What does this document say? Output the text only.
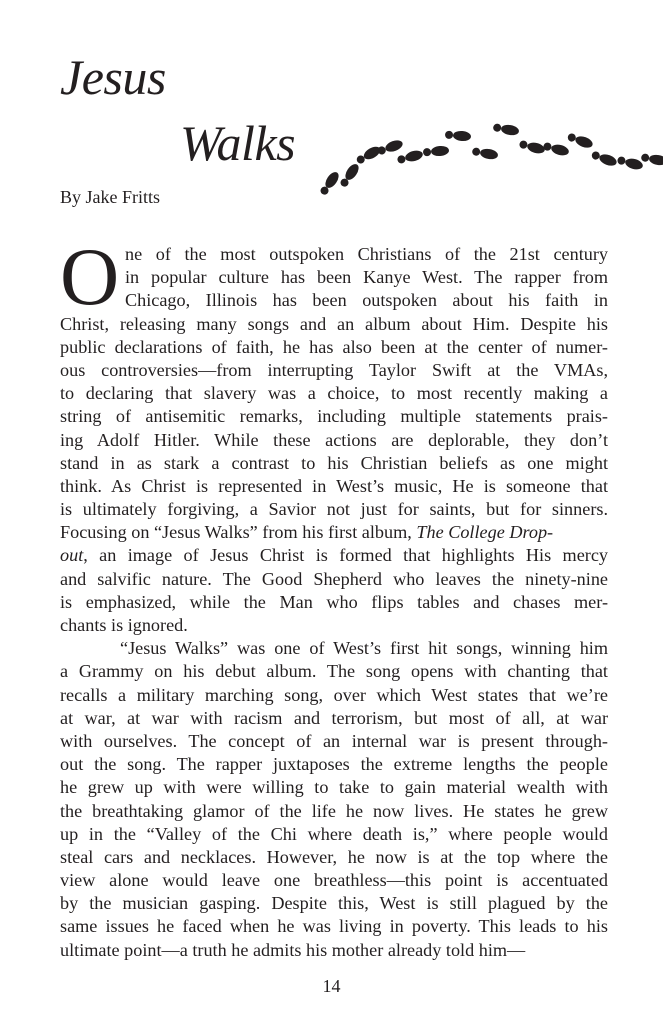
Jesus
Walks
By Jake Fritts
O ne of the most outspoken Christians of the 21st century
in popular culture has been Kanye West. The rapper from
Chicago, Illinois has been outspoken about his faith in
Christ, releasing many songs and an album about Him. Despite his
public declarations of faith, he has also been at the center of numer-
ous controversies—from interrupting Taylor Swift at the VMAs,
to declaring that slavery was a choice, to most recently making a
string of antisemitic remarks, including multiple statements prais-
ing Adolf Hitler. While these actions are deplorable, they don’t
stand in as stark a contrast to his Christian beliefs as one might
think. As Christ is represented in West’s music, He is someone that
is ultimately forgiving, a Savior not just for saints, but for sinners.
Focusing on “Jesus Walks” from his first album, The College Drop-
out, an image of Jesus Christ is formed that highlights His mercy
and salvific nature. The Good Shepherd who leaves the ninety-nine
is emphasized, while the Man who flips tables and chases mer-
chants is ignored.
“Jesus Walks” was one of West’s first hit songs, winning him
a Grammy on his debut album. The song opens with chanting that
recalls a military marching song, over which West states that we’re
at war, at war with racism and terrorism, but most of all, at war
with ourselves. The concept of an internal war is present through-
out the song. The rapper juxtaposes the extreme lengths the people
he grew up with were willing to take to gain material wealth with
the breathtaking glamor of the life he now lives. He states he grew
up in the “Valley of the Chi where death is,” where people would
steal cars and necklaces. However, he now is at the top where the
view alone would leave one breathless—this point is accentuated
by the musician gasping. Despite this, West is still plagued by the
same issues he faced when he was living in poverty. This leads to his
ultimate point—a truth he admits his mother already told him—
14
